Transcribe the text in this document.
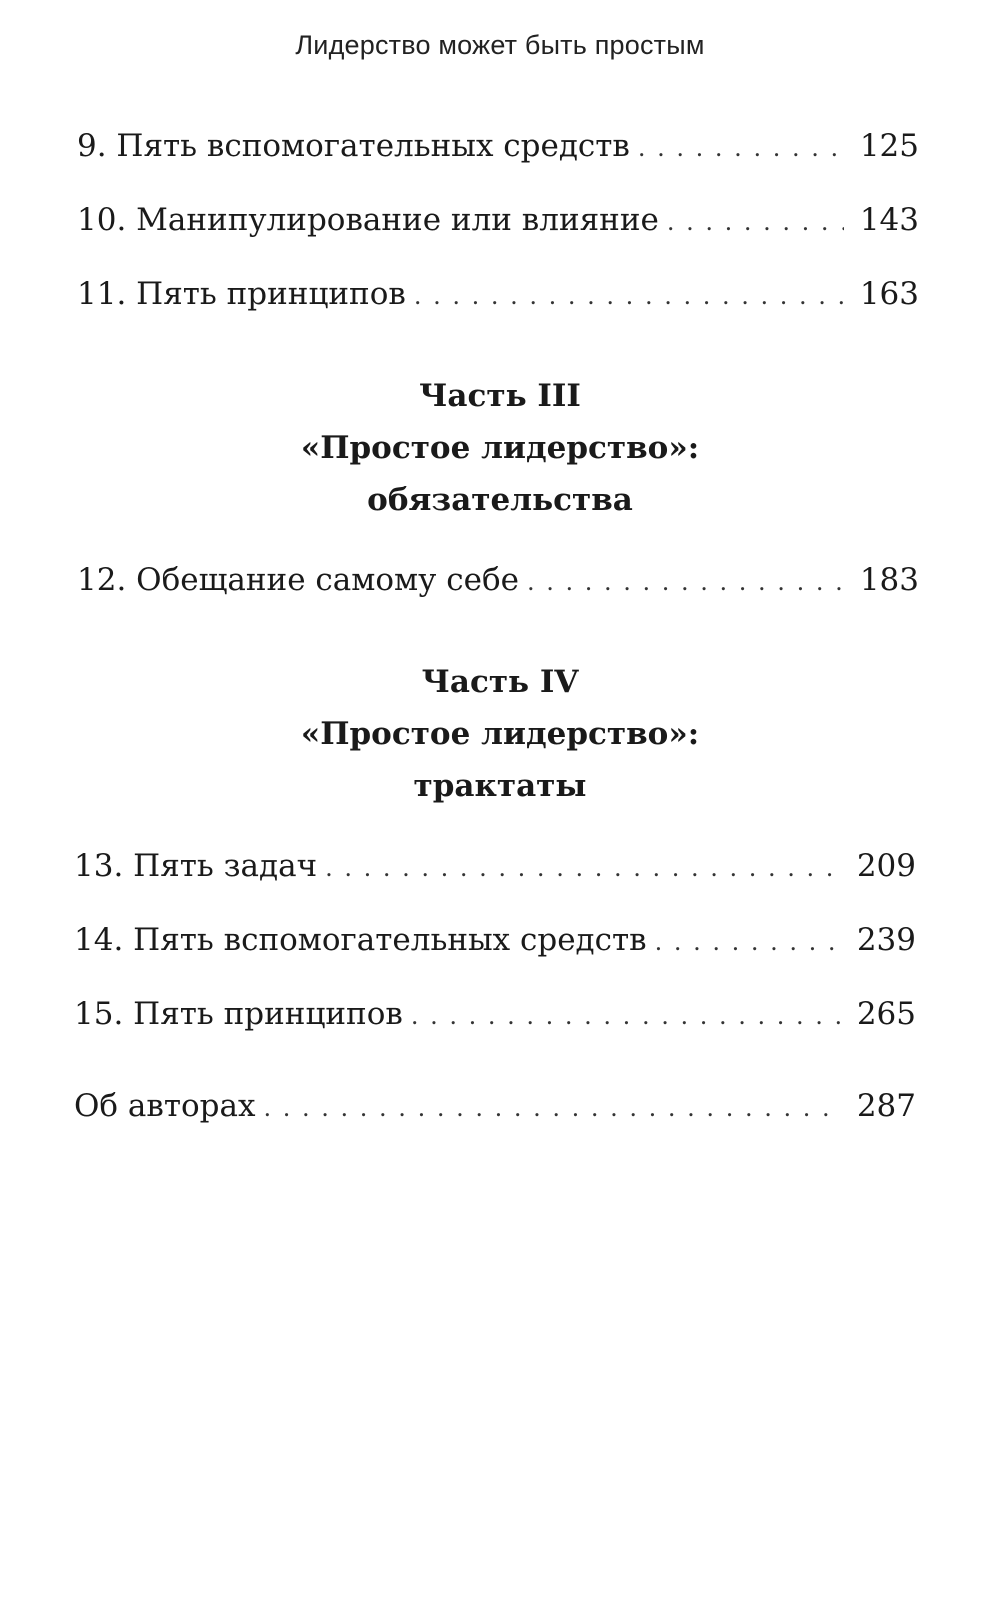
Лидерство может быть простым
9. Пять вспомогательных средств . . .	125
10. Манипулирование или влияние . . .	143
11. Пять принципов . . .	163
Часть III
«Простое лидерство»:
обязательства
12. Обещание самому себе . . .	183
Часть IV
«Простое лидерство»:
трактаты
13. Пять задач . . .	209
14. Пять вспомогательных средств . . .	239
15. Пять принципов . . .	265
Об авторах . . .	287
